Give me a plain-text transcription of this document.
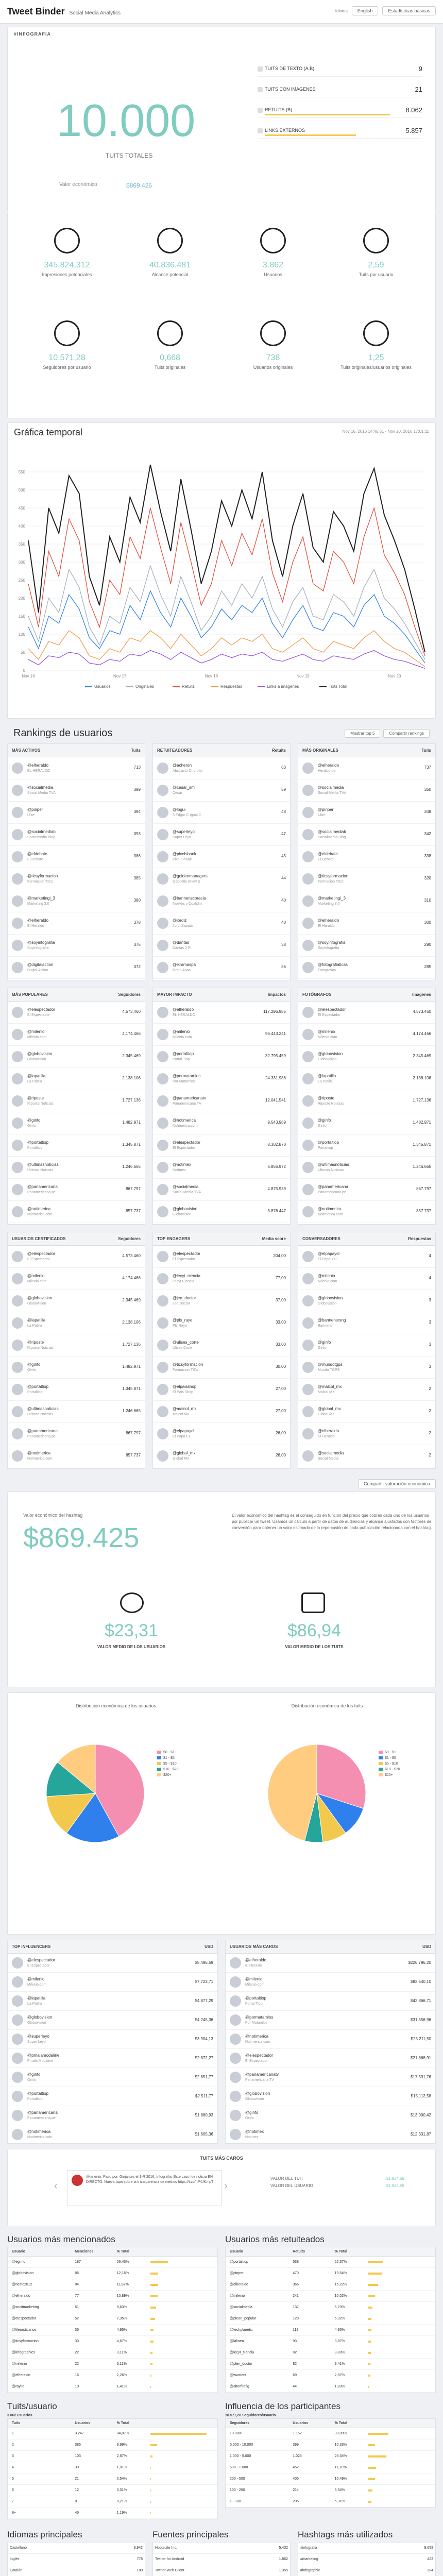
Tweet Binder Social Media Analytics	Idioma	English	Estadísticas básicas
#INFOGRAFIA
10.000
TUITS TOTALES
Valor económico	$869.425
TUITS DE TEXTO (A,B)	9
TUITS CON IMÁGENES	21
RETUITS (B)	8.062
LINKS EXTERNOS	5.857
345.824.312
Impresiones potenciales
40.836.481
Alcance potencial
3.862
Usuarios
2,59
Tuits por usuario
10.571,28
Seguidores por usuario
0,668
Tuits originales
738
Usuarios originales
1,25
Tuits originales/usuarios originales
Gráfica temporal	Nov 16, 2016 14:45:51 - Nov 20, 2016 17:01:11
0
50
100
150
200
250
300
350
400
450
500
550
Nov 16	Nov 17	Nov 18	Nov 19	Nov 20
Usuarios	Originales	Retuits	Respuestas	Links a imágenes	Tuits Total
Rankings de usuarios	Mostrar top 5	Compartir rankings
MÁS ACTIVOS	Tuits
@elheraldo
EL HERALDO
713
@socialmedia
Social Media TVA
399
@pinper
Ulite
394
@socialmediab
Socialmedia Blog
393
@eldebate
El Debate
386
@ticsyformacion
Formacion TICs
385
@marketingi_3
Marketing 3.0
380
@elheraldo
El Heraldo
378
@soyinfografia
SoyInfografia
375
@digitalaction
Digital Action
372
RETUITEADORES	Retuits
@acheron
Abstracto Chorbito
63
@cesar_sm
Cesar
59
@logui
3 Edgar C Igual C
48
@superleyo
Super Leyo
47
@pixelshank
Pixel Shank
45
@goldenmanagers
Gabrielle Anew S
44
@bannenscoracia
Nuevos y Coalidm
40
@jordiz
Jordi Zapata
40
@dantas
Dantas 2 Pl
38
@ikramaspa
Ikram Aspa
36
MÁS ORIGINALES	Tuits
@elheraldo
Heraldo de
737
@socialmedia
Social Media TVA
350
@pinper
Ulite
348
@socialmediab
Socialmedia Blog
342
@eldebate
El Debate
338
@ticsyformacion
Formacion TICs
320
@marketingi_3
Marketing 3.0
310
@elheraldo
El Heraldo
300
@soyinfografia
SoyInfografia
290
@fotografiaticas
Fotografias
285
MÁS POPULARES	Seguidores
@elespectador
El Espectador
4.573.460
@milenio
Milenio.com
4.174.466
@globovision
Globovision
2.345.469
@lapatilla
La Patilla
2.138.106
@riposte
Riposte Noticias
1.727.136
@ginfo
Ginfo
1.482.971
@portaltiop
Portaltiop
1.345.871
@ultimasnoticias
Ultimas Noticias
1.246.665
@panamericana
Panamericana.pe
867.797
@notimerica
Notimerica.com
857.737
MAYOR IMPACTO	Impactos
@elheraldo
EL HERALDO
117.296.985
@milenio
Milenio.com
96.443.241
@portaltiop
Portal Tiop
32.795.459
@pormatamlos
Por Matamlos
24.331.986
@panamericanatv
Panamericana TV
12.041.541
@notimerica
Notimerica.com
9.543.969
@elespectador
El Espectador
8.302.870
@notimex
Notimex
6.855.972
@socialmedia
Social Media TVA
4.875.939
@globovision
Globovision
3.876.447
FOTÓGRAFOS	Imágenes
@elespectador
El Espectador
4.573.460
@milenio
Milenio.com
4.174.466
@globovision
Globovision
2.345.469
@lapatilla
La Patilla
2.138.106
@riposte
Riposte Noticias
1.727.136
@ginfo
Ginfo
1.482.971
@portaltiop
Portaltiop
1.345.871
@ultimasnoticias
Ultimas Noticias
1.246.665
@panamericana
Panamericana.pe
867.797
@notimerica
Notimerica.com
857.737
USUARIOS CERTIFICADOS	Seguidores
@elespectador
El Espectador
4.573.460
@milenio
Milenio.com
4.174.466
@globovision
Globovision
2.345.469
@lapatilla
La Patilla
2.138.106
@riposte
Riposte Noticias
1.727.136
@ginfo
Ginfo
1.482.971
@portaltiop
Portaltiop
1.345.871
@ultimasnoticias
Ultimas Noticias
1.246.665
@panamericana
Panamericana.pe
867.797
@notimerica
Notimerica.com
857.737
TOP ENGAGERS	Media score
@elespectador
El Espectador
204,00
@lecyt_ciencia
Lecyt Ciencia
77,00
@jeo_doctor
Jeo Doctor
37,00
@pls_rayo
Pls Rayo
33,00
@ulises_corte
Ulises Corte
33,00
@ticsyformacion
Formacion TICs
30,00
@elpaisshop
El Pais Shop
27,00
@malcol_mx
Malcol MX
27,00
@elpapaycl
El Papa CL
26,00
@global_mx
Global MX
26,00
CONVERSADORES	Respuestas
@elpapaycl
El Papa Ycl
4
@milenio
Milenio.com
4
@globovision
Globovision
3
@bannensrsng
Bannens
3
@ginfo
Ginfo
3
@mundotgps
Mundo TGPS
3
@malcol_mx
Malcol MX
2
@global_mx
Global MX
2
@elheraldo
El Heraldo
2
@socialmedia
Social Media
2
Compartir valoración económica
Valor económico del hashtag
$869.425
El valor económico del hashtag es el conseguido en función del precio que cobran cada uno de los usuarios por publicar un tweet. Usamos un cálculo a partir de datos de audiencias y alcance ajustados con factores de conversión para obtener un valor estimado de la repercusión de cada publicación relacionada con el hashtag.
$23,31
VALOR MEDIO DE LOS USUARIOS
$86,94
VALOR MEDIO DE LOS TUITS
Distribución económica de los usuarios	Distribución económica de los tuits
$0 - $1
$1 - $5
$5 - $10
$10 - $20
$20+
$0 - $1
$1 - $5
$5 - $10
$10 - $20
$20+
TOP INFLUENCERS	USD
@elespectador
El Espectador
$5.496,59
@milenio
Milenio.com
$7.723,71
@lapatilla
La Patilla
$4.877,29
@globovision
Globovision
$4.245,36
@superleyo
Super Leyo
$3.904,13
@pmalamodaline
Pmala Modaline
$2.872,27
@ginfo
Ginfo
$2.651,77
@portaltiop
Portaltiop
$2.511,77
@panamericana
Panamericana.pe
$1.880,93
@notimerica
Notimerica.com
$1.605,36
USUARIOS MÁS CAROS	USD
@elheraldo
El Heraldo
$226.796,20
@milenio
Milenio.com
$82.640,10
@portaltiop
Portal Tiop
$42.866,71
@pormatamlos
Por Matamlos
$31.556,96
@notimerica
Notimerica.com
$25.211,50
@elespectador
El Espectador
$21.668,91
@panamericanatv
Panamericana TV
$17.591,76
@globovision
Globovision
$15.112,58
@ginfo
Ginfo
$13.990,42
@notimex
Notimex
$12.331,87
TUITS MÁS CAROS
‹
@milenio: Paso por, Ginjantes el 1-R 2016. Infografía. Este caso fue noticia EN DIRECTO. Nueva tapa sobre la transparencia de medios https://t.co/nP4JKmpT	›
VALOR DEL TUIT	$1.934,59
VALOR DEL USUARIO	$1.934,59
Usuarios más mencionados
Usuario	Menciones	% Total
@eginfo	187	26,43%
@globovision	86	12,16%
@nestc2012	84	11,87%
@elheraldo	77	10,89%
@socitmarketing	61	8,63%
@elespectador	52	7,35%
@lileorsticanos	35	4,95%
@ticsyformacion	33	4,67%
@infographics	22	3,11%
@milenio	22	3,11%
@elheraldo	16	2,26%
@rayito	10	1,41%
Usuarios más retuiteados
Usuario	Retuits	% Total
@portaltiop	538	22,37%
@pinper	470	19,54%
@elheraldo	366	15,22%
@milenio	241	10,02%
@socialmedia	137	5,70%
@pleon_popular	128	5,32%
@techplanetic	119	4,95%
@lalinea	93	3,87%
@lecyt_ciencia	92	3,83%
@plen_doctor	82	3,41%
@wwcient	69	2,87%
@alterfirefig	44	1,83%
Tuits/usuario
3.862 usuarios
Tuits	Usuarios	% Total
1	3.247	84,07%
2	386	9,99%
3	103	2,67%
4	39	1,01%
5	21	0,54%
6	12	0,31%
7	8	0,21%
8+	46	1,19%
Influencia de los participantes
10.571,28 Seguidores/usuario
Seguidores	Usuarios	% Total
10.000+	1.162	30,09%
5.000 - 10.000	399	10,33%
1.000 - 5.000	1.025	26,54%
500 - 1.000	452	11,70%
200 - 500	405	10,49%
100 - 200	214	5,54%
1 - 100	205	5,31%
Idiomas principales
Castellano	8.942
Inglés	778
Catalán	180
Fuentes principales
Hootsuite Inc.	5.432
Twitter for Android	1.862
Twitter Web Client	1.355
Hashtags más utilizados
#infografia	9.658
#marketing	423
#infographic	384
